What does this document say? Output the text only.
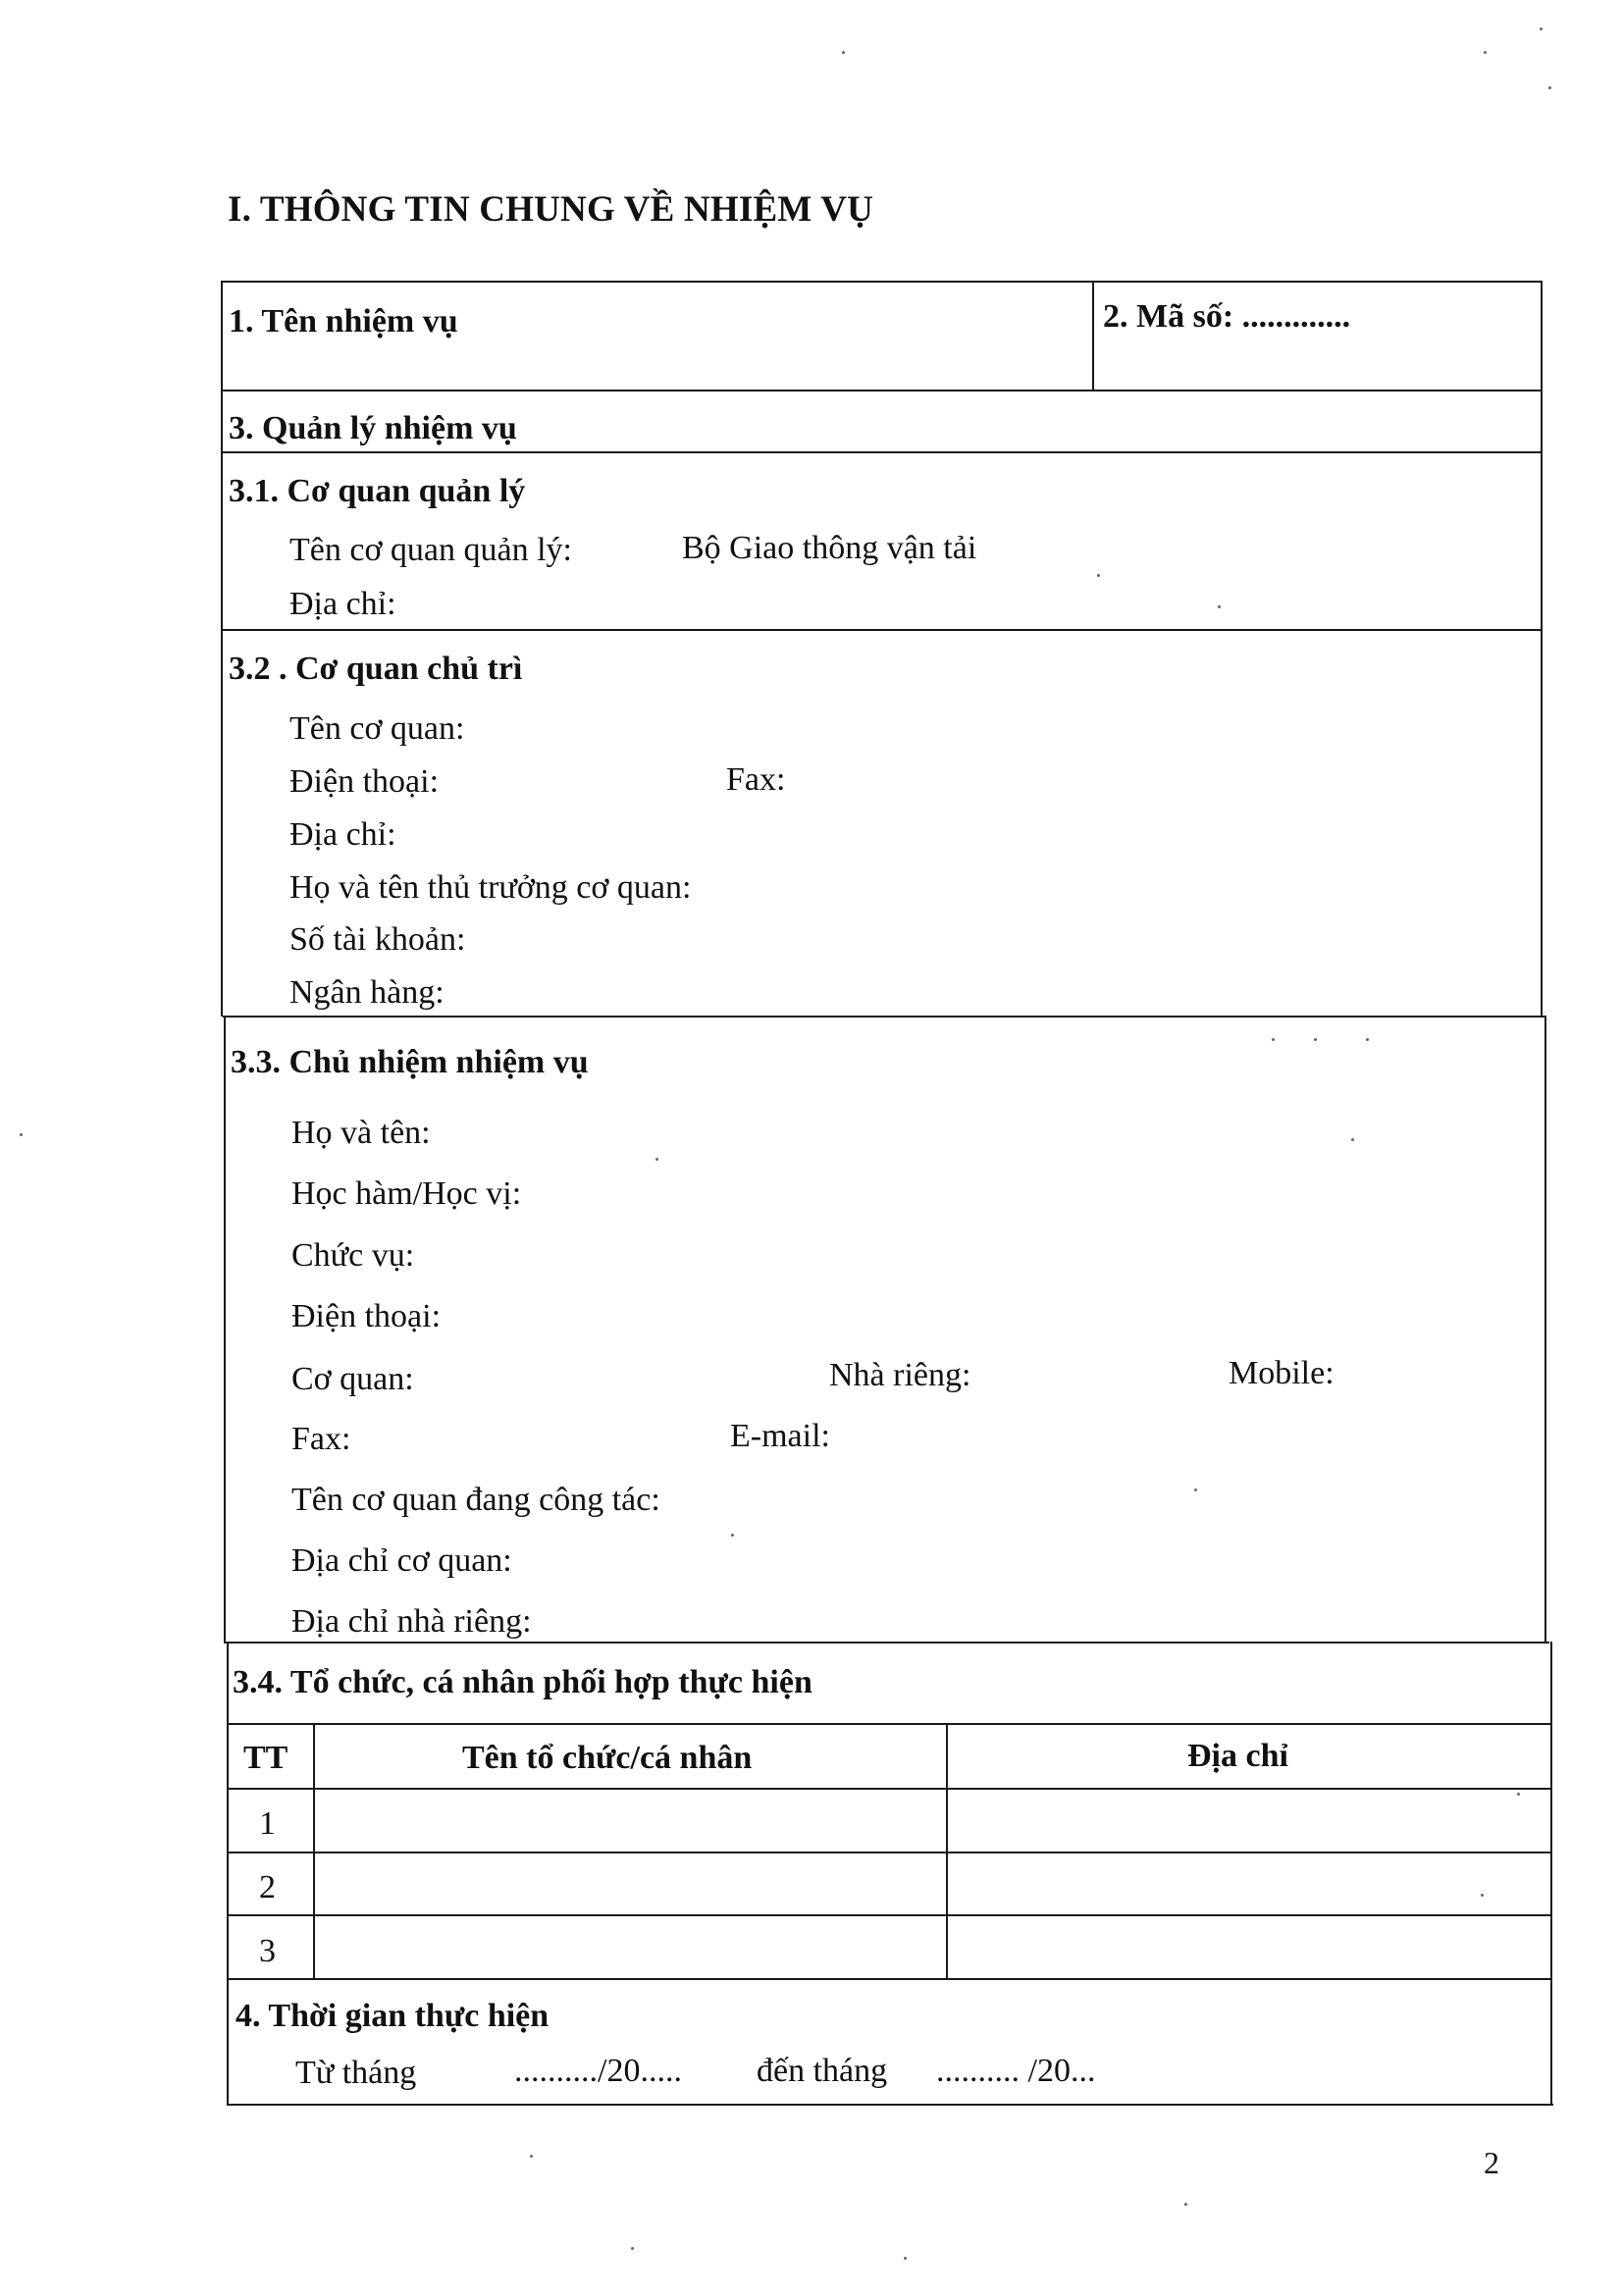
I. THÔNG TIN CHUNG VỀ NHIỆM VỤ
1. Tên nhiệm vụ	2. Mã số: .............
3. Quản lý nhiệm vụ
3.1. Cơ quan quản lý
Tên cơ quan quản lý:	Bộ Giao thông vận tải
Địa chỉ:
3.2 . Cơ quan chủ trì
Tên cơ quan:
Điện thoại:	Fax:
Địa chỉ:
Họ và tên thủ trưởng cơ quan:
Số tài khoản:
Ngân hàng:
3.3. Chủ nhiệm nhiệm vụ
Họ và tên:
Học hàm/Học vị:
Chức vụ:
Điện thoại:
Cơ quan:	Nhà riêng:	Mobile:
Fax:	E-mail:
Tên cơ quan đang công tác:
Địa chỉ cơ quan:
Địa chỉ nhà riêng:
3.4. Tổ chức, cá nhân phối hợp thực hiện
TT	Tên tổ chức/cá nhân	Địa chỉ
1
2
3
4. Thời gian thực hiện
Từ tháng	........../20..... đến tháng .......... /20...
2
